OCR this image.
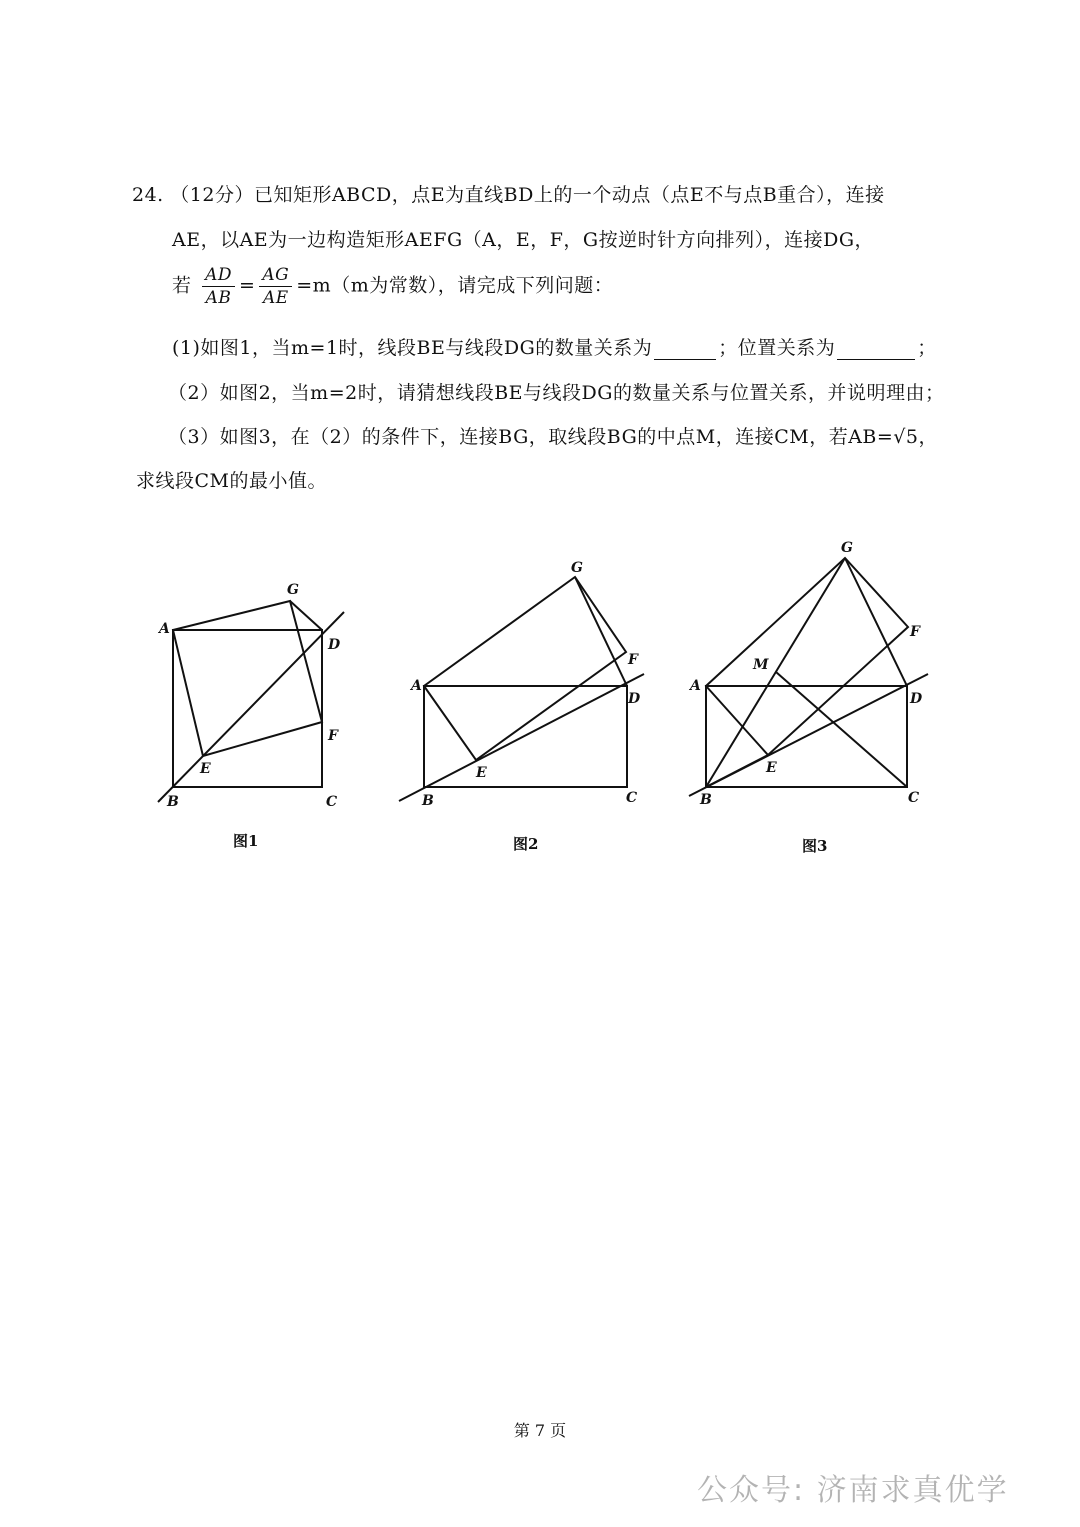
24. （12分）已知矩形ABCD，点E为直线BD上的一个动点（点E不与点B重合），连接
AE，以AE为一边构造矩形AEFG（A，E，F，G按逆时针方向排列），连接DG，
若 $\frac{AD}{AB} = \frac{AG}{AE} =m(m$为常数），请完成下列问题：
(1)如图1，当m=1时，线段BE与线段DG的数量关系为	；位置关系为	；
（2）如图2，当m=2时，请猜想线段BE与线段DG的数量关系与位置关系，并说明理由；
（3）如图3，在（2）的条件下，连接BG，取线段BG的中点M，连接CM，若AB=√5，
求线段CM的最小值。
A
B	C
D
E
F
G
图1
A
B	C
D
E
F
G
图2
A
B	C
D
E
F
G
M
图3
第 7 页
公众号: 济南求真优学
